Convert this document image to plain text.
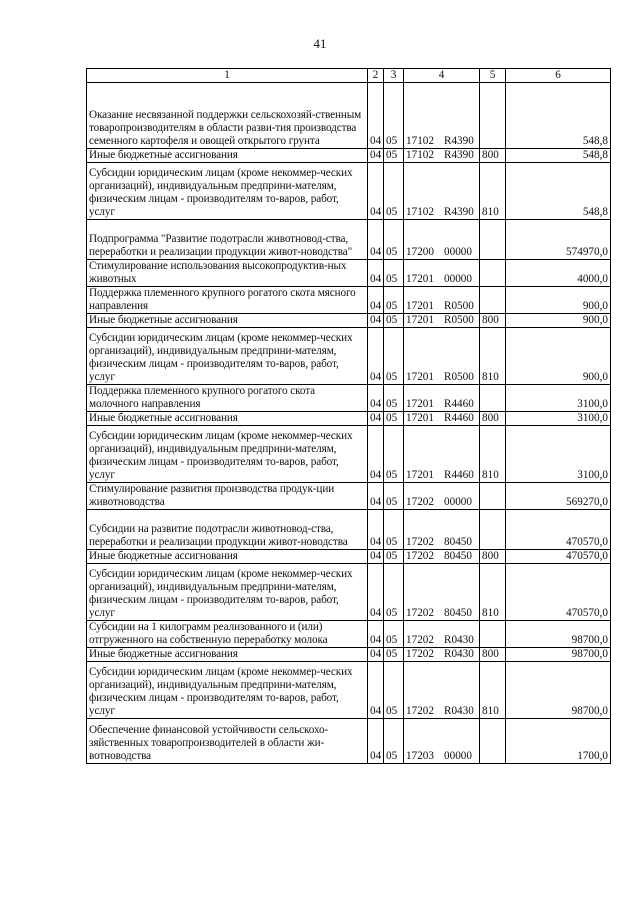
41
1	2	3	4	5	6
Оказание несвязанной поддержки сельскохозяй-ственным товаропроизводителям в области разви-тия производства семенного картофеля и овощей открытого грунта	04	05	17102 R4390		548,8
Иные бюджетные ассигнования	04	05	17102 R4390	800	548,8
Субсидии юридическим лицам (кроме некоммер-ческих организаций), индивидуальным предприни-мателям, физическим лицам - производителям то-варов, работ, услуг	04	05	17102 R4390	810	548,8
Подпрограмма "Развитие подотрасли животновод-ства, переработки и реализации продукции живот-новодства"	04	05	17200 00000		574970,0
Стимулирование использования высокопродуктив-ных животных	04	05	17201 00000		4000,0
Поддержка племенного крупного рогатого скота мясного направления	04	05	17201 R0500		900,0
Иные бюджетные ассигнования	04	05	17201 R0500	800	900,0
Субсидии юридическим лицам (кроме некоммер-ческих организаций), индивидуальным предприни-мателям, физическим лицам - производителям то-варов, работ, услуг	04	05	17201 R0500	810	900,0
Поддержка племенного крупного рогатого скота молочного направления	04	05	17201 R4460		3100,0
Иные бюджетные ассигнования	04	05	17201 R4460	800	3100,0
Субсидии юридическим лицам (кроме некоммер-ческих организаций), индивидуальным предприни-мателям, физическим лицам - производителям то-варов, работ, услуг	04	05	17201 R4460	810	3100,0
Стимулирование развития производства продук-ции животноводства	04	05	17202 00000		569270,0
Субсидии на развитие подотрасли животновод-ства, переработки и реализации продукции живот-новодства	04	05	17202 80450		470570,0
Иные бюджетные ассигнования	04	05	17202 80450	800	470570,0
Субсидии юридическим лицам (кроме некоммер-ческих организаций), индивидуальным предприни-мателям, физическим лицам - производителям то-варов, работ, услуг	04	05	17202 80450	810	470570,0
Субсидии на 1 килограмм реализованного и (или) отгруженного на собственную переработку молока	04	05	17202 R0430		98700,0
Иные бюджетные ассигнования	04	05	17202 R0430	800	98700,0
Субсидии юридическим лицам (кроме некоммер-ческих организаций), индивидуальным предприни-мателям, физическим лицам - производителям то-варов, работ, услуг	04	05	17202 R0430	810	98700,0
Обеспечение финансовой устойчивости сельскохо-зяйственных товаропроизводителей в области жи-вотноводства	04	05	17203 00000		1700,0
